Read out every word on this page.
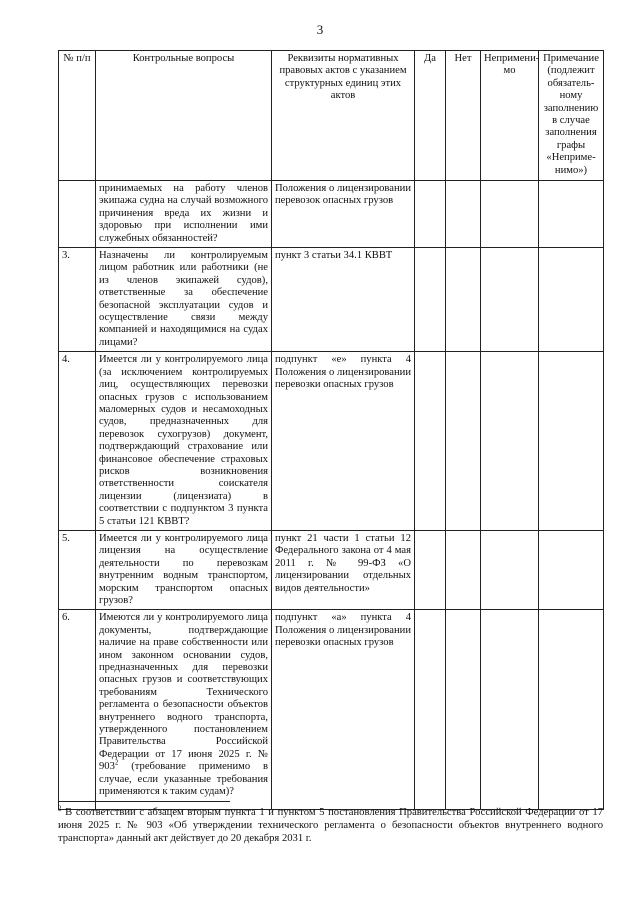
3
№ п/п	Контрольные вопросы	Реквизиты нормативных правовых актов с указанием структурных единиц этих актов	Да	Нет	Непримени-мо	Примечание (подлежит обязатель-ному заполнению в случае заполнения графы «Неприме-нимо»)
	принимаемых на работу членов экипажа судна на случай возможного причинения вреда их жизни и здоровью при исполнении ими служебных обязанностей?	Положения о лицензировании перевозок опасных грузов				
3.	Назначены ли контролируемым лицом работник или работники (не из членов экипажей судов), ответственные за обеспечение безопасной эксплуатации судов и осуществление связи между компанией и находящимися на судах лицами?	пункт 3 статьи 34.1 КВВТ				
4.	Имеется ли у контролируемого лица (за исключением контролируемых лиц, осуществляющих перевозки опасных грузов с использованием маломерных судов и несамоходных судов, предназначенных для перевозок сухогрузов) документ, подтверждающий страхование или финансовое обеспечение страховых рисков возникновения ответственности соискателя лицензии (лицензиата) в соответствии с подпунктом 3 пункта 5 статьи 121 КВВТ?	подпункт «е» пункта 4 Положения о лицензировании перевозки опасных грузов				
5.	Имеется ли у контролируемого лица лицензия на осуществление деятельности по перевозкам внутренним водным транспортом, морским транспортом опасных грузов?	пункт 21 части 1 статьи 12 Федерального закона от 4 мая 2011 г. № 99-ФЗ «О лицензировании отдельных видов деятельности»				
6.	Имеются ли у контролируемого лица документы, подтверждающие наличие на праве собственности или ином законном основании судов, предназначенных для перевозки опасных грузов и соответствующих требованиям Технического регламента о безопасности объектов внутреннего водного транспорта, утвержденного постановлением Правительства Российской Федерации от 17 июня 2025 г. № $903^2$ (требование применимо в случае, если указанные требования применяются к таким судам)?	подпункт «а» пункта 4 Положения о лицензировании перевозки опасных грузов				
$^2$ В соответствии с абзацем вторым пункта 1 и пунктом 5 постановления Правительства Российской Федерации от 17 июня 2025 г. № 903 «Об утверждении технического регламента о безопасности объектов внутреннего водного транспорта» данный акт действует до 20 декабря 2031 г.
